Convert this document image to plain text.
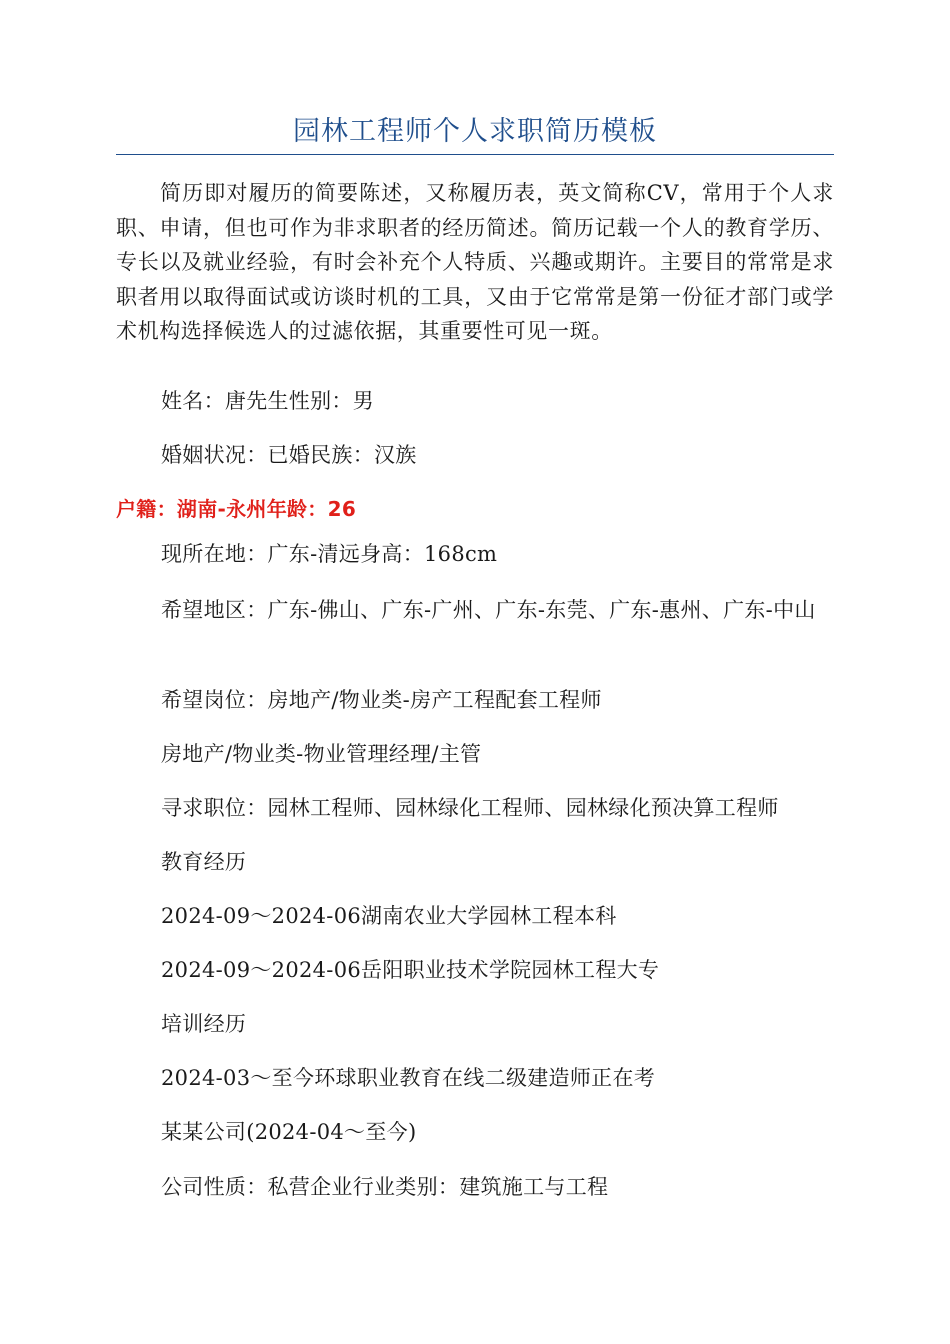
园林工程师个人求职简历模板
简历即对履历的简要陈述，又称履历表，英文简称CV，常用于个人求职、申请，但也可作为非求职者的经历简述。简历记载一个人的教育学历、专长以及就业经验，有时会补充个人特质、兴趣或期许。主要目的常常是求职者用以取得面试或访谈时机的工具，又由于它常常是第一份征才部门或学术机构选择候选人的过滤依据，其重要性可见一斑。
姓名：唐先生性别：男
婚姻状况：已婚民族：汉族
户籍：湖南-永州年龄：26
现所在地：广东-清远身高：168cm
希望地区：广东-佛山、广东-广州、广东-东莞、广东-惠州、广东-中山
希望岗位：房地产/物业类-房产工程配套工程师
房地产/物业类-物业管理经理/主管
寻求职位：园林工程师、园林绿化工程师、园林绿化预决算工程师
教育经历
2024-09～2024-06湖南农业大学园林工程本科
2024-09～2024-06岳阳职业技术学院园林工程大专
培训经历
2024-03～至今环球职业教育在线二级建造师正在考
某某公司(2024-04～至今)
公司性质：私营企业行业类别：建筑施工与工程
